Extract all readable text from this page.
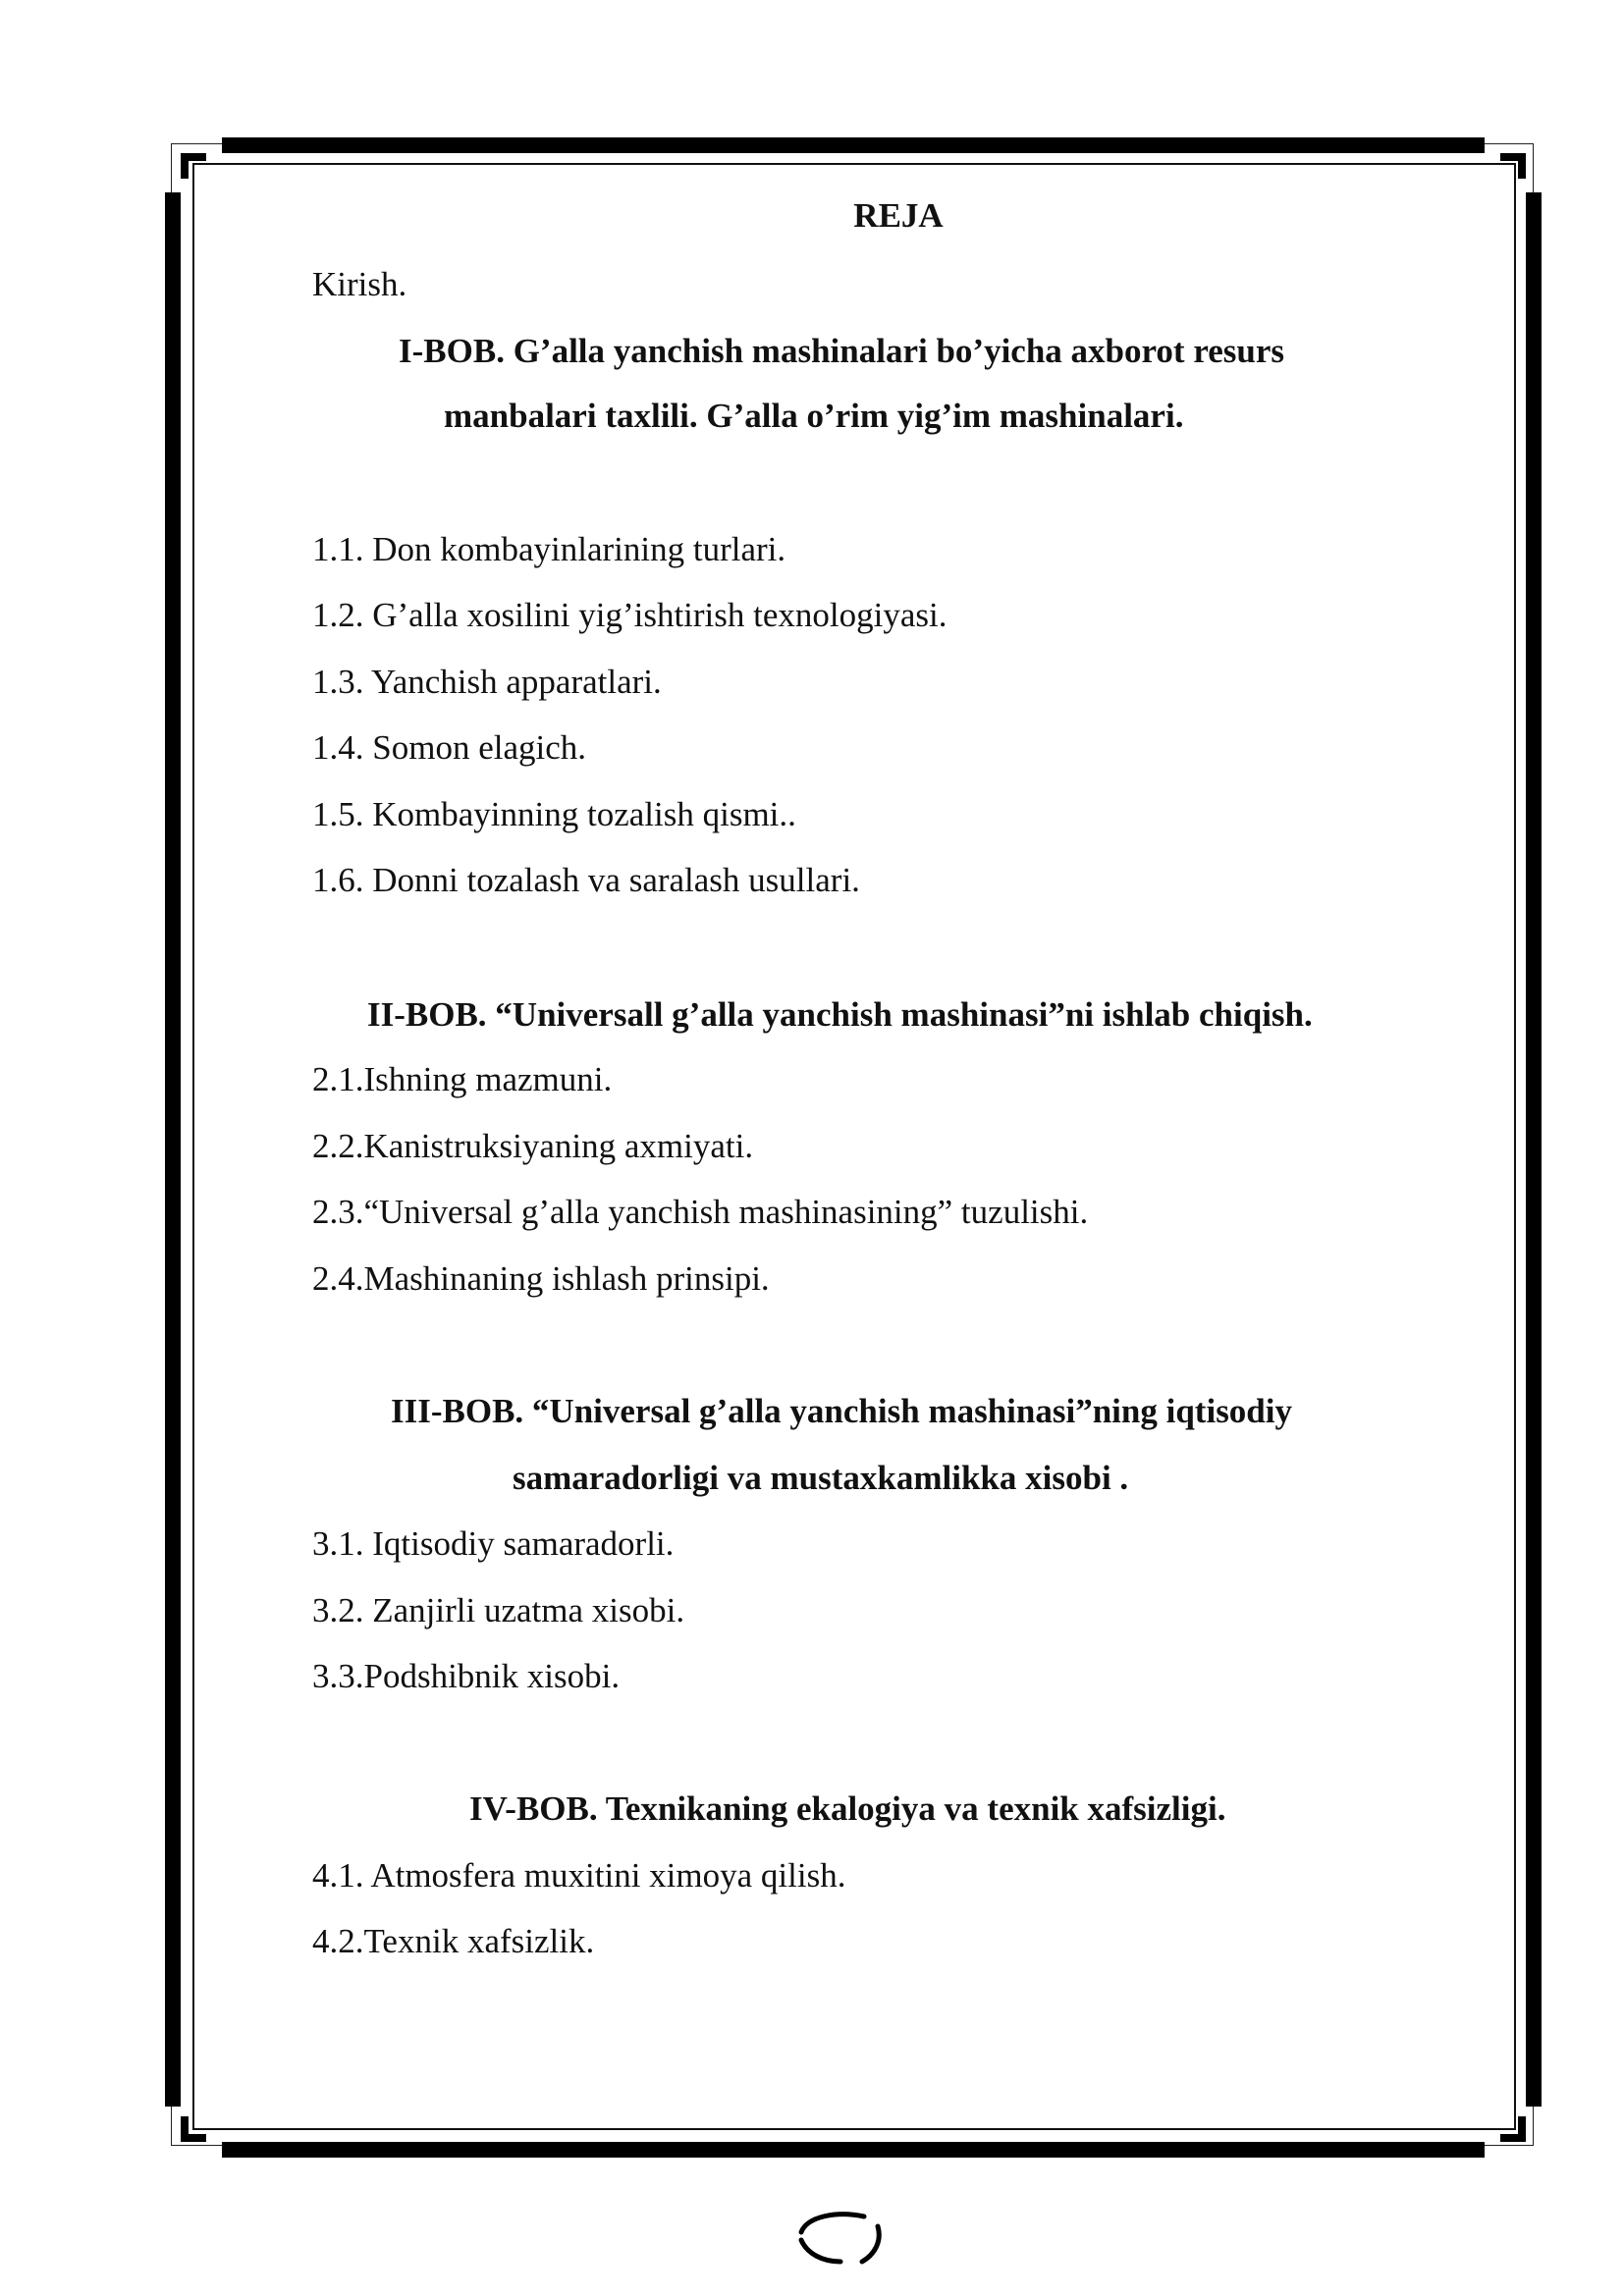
REJA
Kirish.
I-BOB. G’alla yanchish mashinalari bo’yicha axborot resurs
manbalari taxlili. G’alla o’rim yig’im mashinalari.
1.1. Don kombayinlarining turlari.
1.2. G’alla xosilini yig’ishtirish texnologiyasi.
1.3. Yanchish apparatlari.
1.4. Somon elagich.
1.5. Kombayinning tozalish qismi..
1.6. Donni tozalash va saralash usullari.
II-BOB. “Universall g’alla yanchish mashinasi”ni ishlab chiqish.
2.1.Ishning mazmuni.
2.2.Kanistruksiyaning axmiyati.
2.3.“Universal g’alla yanchish mashinasining” tuzulishi.
2.4.Mashinaning ishlash prinsipi.
III-BOB. “Universal g’alla yanchish mashinasi”ning iqtisodiy
samaradorligi va mustaxkamlikka xisobi .
3.1. Iqtisodiy samaradorli.
3.2. Zanjirli uzatma xisobi.
3.3.Podshibnik xisobi.
IV-BOB. Texnikaning ekalogiya va texnik xafsizligi.
4.1. Atmosfera muxitini ximoya qilish.
4.2.Texnik xafsizlik.
